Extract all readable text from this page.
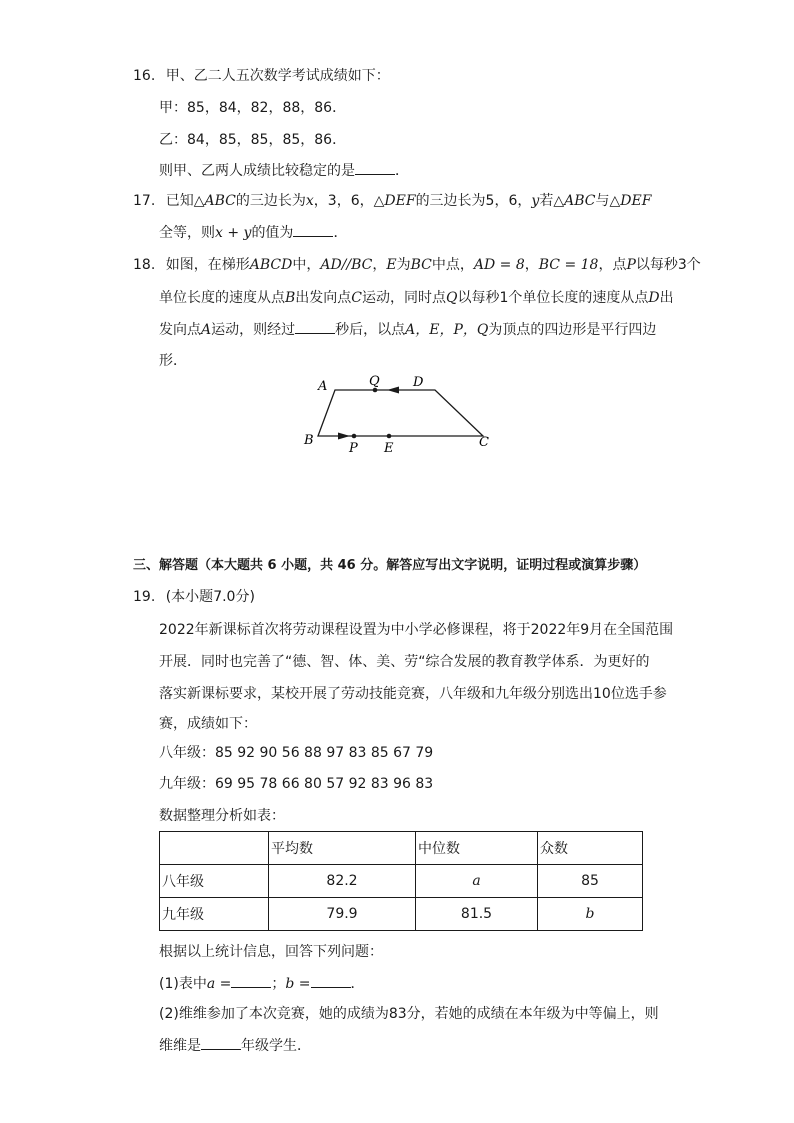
16. 甲、乙二人五次数学考试成绩如下：
甲：85，84，82，88，86．
乙：84，85，85，85，86．
则甲、乙两人成绩比较稳定的是	．
17. 已知△ABC的三边长为x，3，6，△DEF的三边长为5，6，y若△ABC与△DEF
全等，则x + y的值为	．
18. 如图，在梯形ABCD中，AD//BC，E为BC中点，AD = 8，BC = 18，点P以每秒3个
单位长度的速度从点B出发向点C运动，同时点Q以每秒1个单位长度的速度从点D出
发向点A运动，则经过	秒后，以点A，E，P，Q为顶点的四边形是平行四边
形．
A	Q	D
B
P E	C
三、解答题（本大题共 6 小题，共 46 分。解答应写出文字说明，证明过程或演算步骤）
19. (本小题7.0分)
2022年新课标首次将劳动课程设置为中小学必修课程，将于2022年9月在全国范围
开展．同时也完善了“德、智、体、美、劳“综合发展的教育教学体系．为更好的
落实新课标要求，某校开展了劳动技能竞赛，八年级和九年级分别选出10位选手参
赛，成绩如下：
八年级：85 92 90 56 88 97 83 85 67 79
九年级：69 95 78 66 80 57 92 83 96 83
数据整理分析如表：
	平均数	中位数	众数
八年级	82.2	a	85
九年级	79.9	81.5	b
根据以上统计信息，回答下列问题：
(1)表中a =	；b =	．
(2)维维参加了本次竞赛，她的成绩为83分，若她的成绩在本年级为中等偏上，则
维维是	年级学生．
